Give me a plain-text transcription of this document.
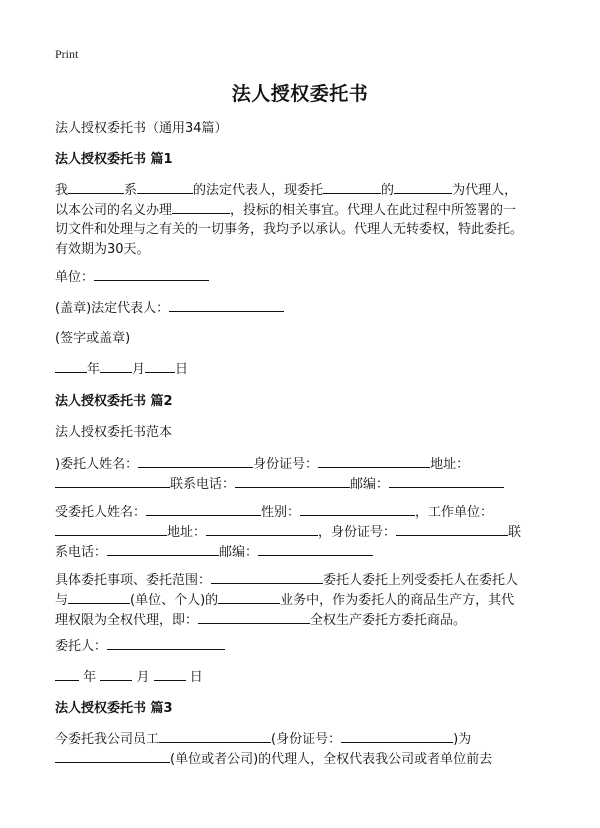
Print
法人授权委托书
法人授权委托书（通用34篇）
法人授权委托书 篇1
我	系	的法定代表人，现委托	的	为代理人，
以本公司的名义办理	，投标的相关事宜。代理人在此过程中所签署的一
切文件和处理与之有关的一切事务，我均予以承认。代理人无转委权，特此委托。
有效期为30天。
单位：
(盖章)法定代表人：
(签字或盖章)
年 月 日
法人授权委托书 篇2
法人授权委托书范本
)委托人姓名：	身份证号：	地址：
联系电话：	邮编：
受委托人姓名：	性别：	，工作单位：
地址：	，身份证号：	联
系电话：	邮编：
具体委托事项、委托范围：	委托人委托上列受委托人在委托人
与	(单位、个人)的	业务中，作为委托人的商品生产方，其代
理权限为全权代理，即：	全权生产委托方委托商品。
委托人：
年	月	日
法人授权委托书 篇3
今委托我公司员工	(身份证号：	)为
(单位或者公司)的代理人，全权代表我公司或者单位前去
